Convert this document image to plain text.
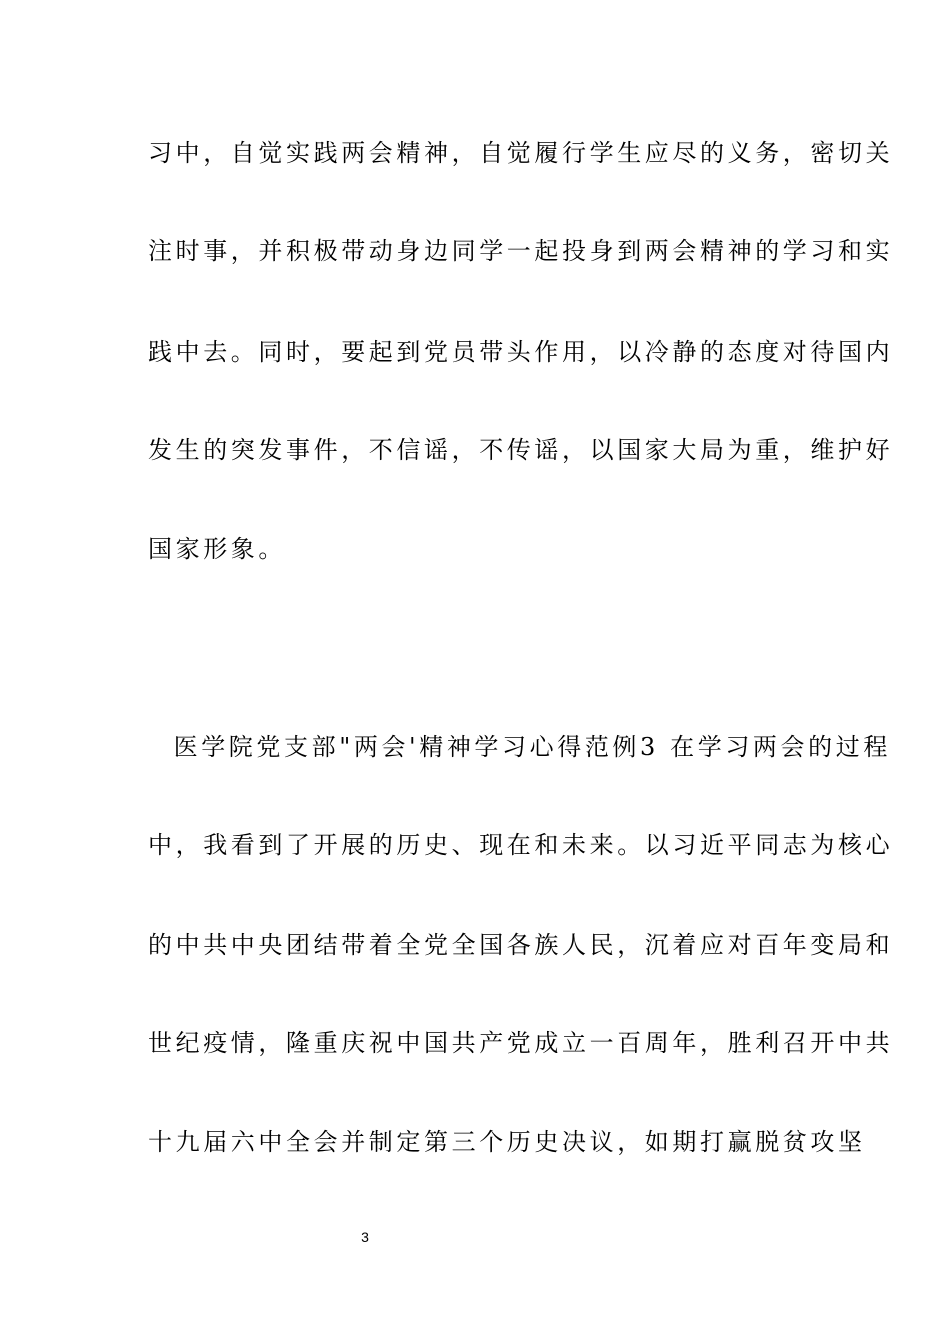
习中，自觉实践两会精神，自觉履行学生应尽的义务，密切关
注时事，并积极带动身边同学一起投身到两会精神的学习和实
践中去。同时，要起到党员带头作用，以冷静的态度对待国内
发生的突发事件，不信谣，不传谣，以国家大局为重，维护好
国家形象。
　医学院党支部"两会'精神学习心得范例3 在学习两会的过程
中，我看到了开展的历史、现在和未来。以习近平同志为核心
的中共中央团结带着全党全国各族人民，沉着应对百年变局和
世纪疫情，隆重庆祝中国共产党成立一百周年，胜利召开中共
十九届六中全会并制定第三个历史决议，如期打赢脱贫攻坚
3
